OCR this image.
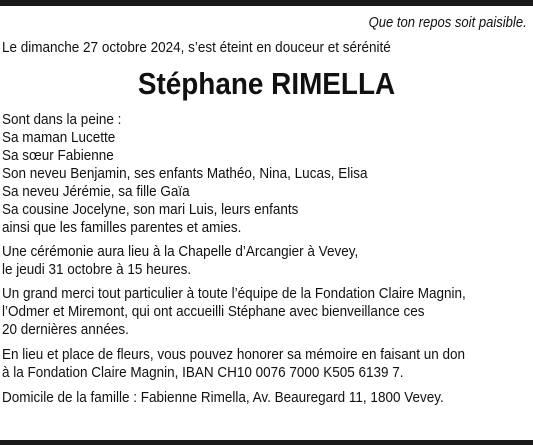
Que ton repos soit paisible.

Le dimanche 27 octobre 2024, s’est éteint en douceur et sérénité

Stéphane RIMELLA

Sont dans la peine :

Sa maman Lucette

Sa sœur Fabienne

Son neveu Benjamin, ses enfants Mathéo, Nina, Lucas, Elisa

Sa neveu Jérémie, sa fille Gaïa

Sa cousine Jocelyne, son mari Luis, leurs enfants

ainsi que les familles parentes et amies.

Une cérémonie aura lieu à la Chapelle d’Arcangier à Vevey,

le jeudi 31 octobre à 15 heures.

Un grand merci tout particulier à toute l’équipe de la Fondation Claire Magnin,

l’Odmer et Miremont, qui ont accueilli Stéphane avec bienveillance ces

20 dernières années.

En lieu et place de fleurs, vous pouvez honorer sa mémoire en faisant un don

à la Fondation Claire Magnin, IBAN CH10 0076 7000 K505 6139 7.

Domicile de la famille : Fabienne Rimella, Av. Beauregard 11, 1800 Vevey.
